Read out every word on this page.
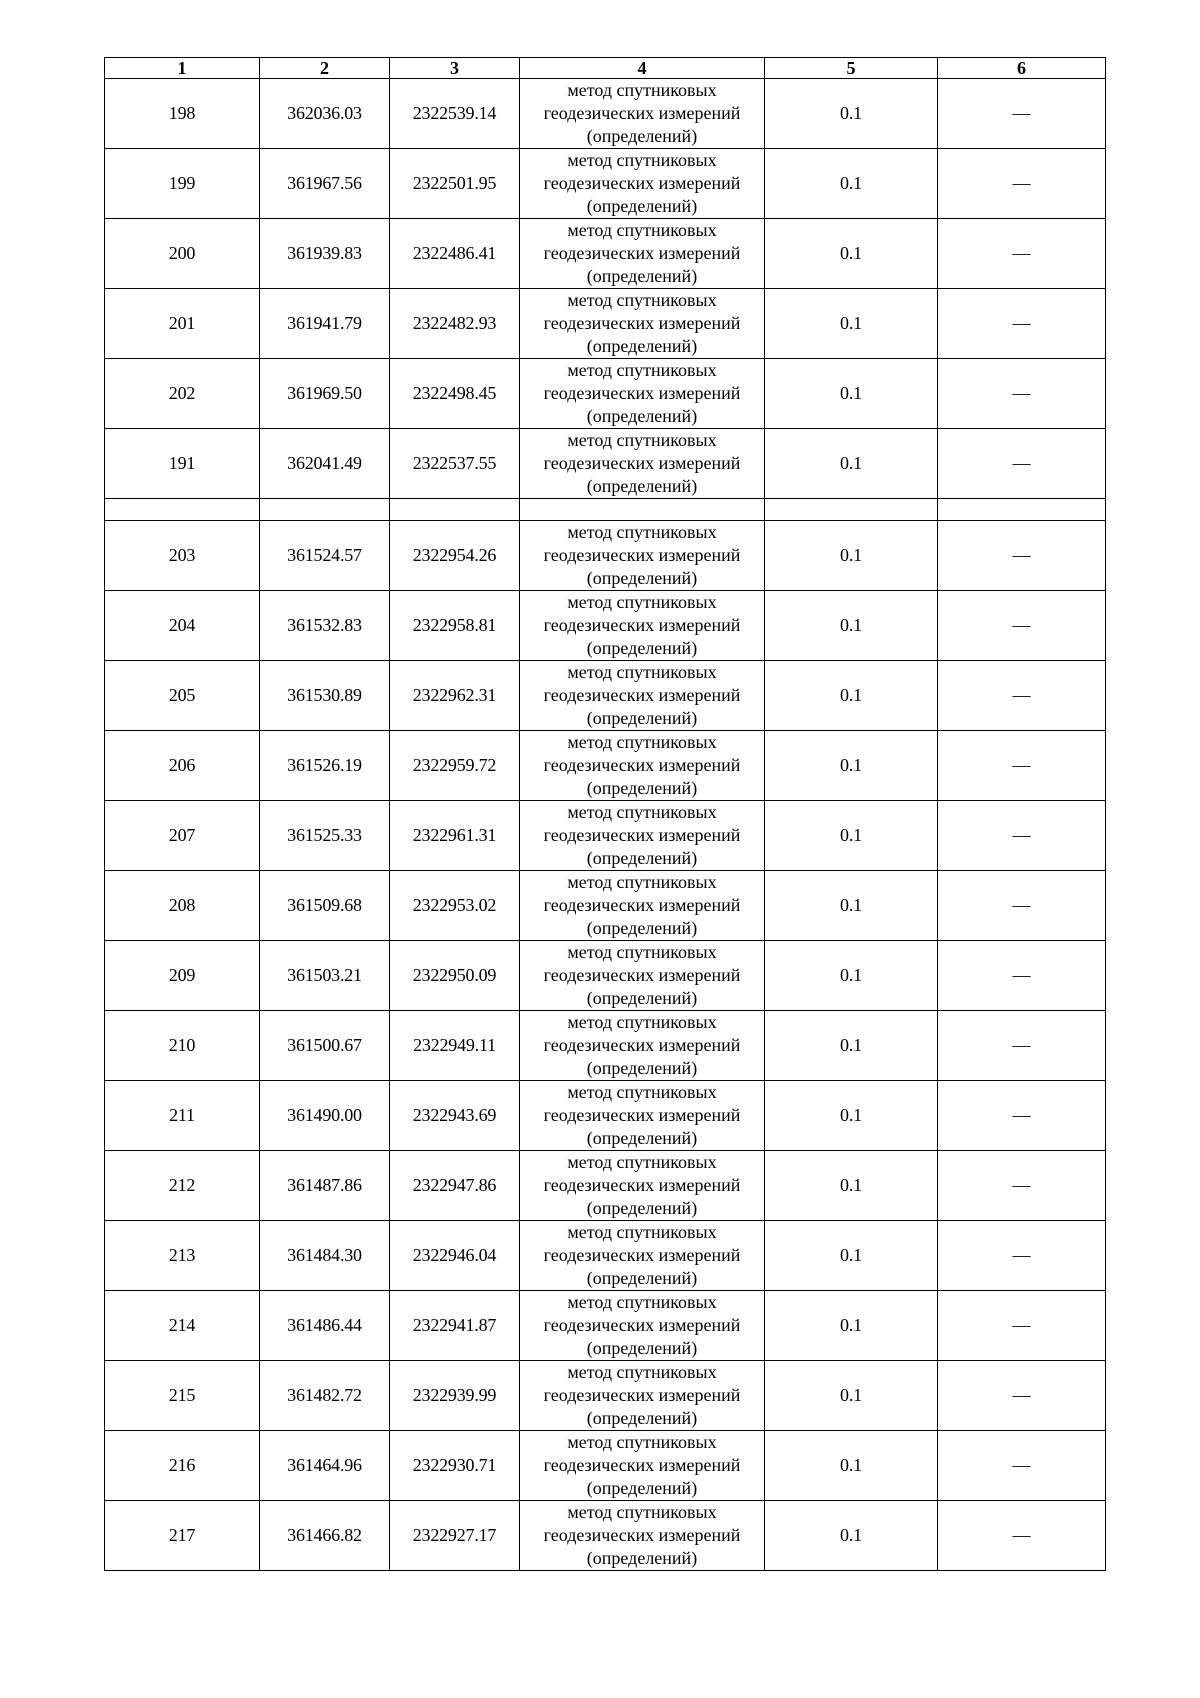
1	2	3	4	5	6
198	362036.03	2322539.14	метод спутниковых геодезических измерений (определений)	0.1	—
199	361967.56	2322501.95	метод спутниковых геодезических измерений (определений)	0.1	—
200	361939.83	2322486.41	метод спутниковых геодезических измерений (определений)	0.1	—
201	361941.79	2322482.93	метод спутниковых геодезических измерений (определений)	0.1	—
202	361969.50	2322498.45	метод спутниковых геодезических измерений (определений)	0.1	—
191	362041.49	2322537.55	метод спутниковых геодезических измерений (определений)	0.1	—

203	361524.57	2322954.26	метод спутниковых геодезических измерений (определений)	0.1	—
204	361532.83	2322958.81	метод спутниковых геодезических измерений (определений)	0.1	—
205	361530.89	2322962.31	метод спутниковых геодезических измерений (определений)	0.1	—
206	361526.19	2322959.72	метод спутниковых геодезических измерений (определений)	0.1	—
207	361525.33	2322961.31	метод спутниковых геодезических измерений (определений)	0.1	—
208	361509.68	2322953.02	метод спутниковых геодезических измерений (определений)	0.1	—
209	361503.21	2322950.09	метод спутниковых геодезических измерений (определений)	0.1	—
210	361500.67	2322949.11	метод спутниковых геодезических измерений (определений)	0.1	—
211	361490.00	2322943.69	метод спутниковых геодезических измерений (определений)	0.1	—
212	361487.86	2322947.86	метод спутниковых геодезических измерений (определений)	0.1	—
213	361484.30	2322946.04	метод спутниковых геодезических измерений (определений)	0.1	—
214	361486.44	2322941.87	метод спутниковых геодезических измерений (определений)	0.1	—
215	361482.72	2322939.99	метод спутниковых геодезических измерений (определений)	0.1	—
216	361464.96	2322930.71	метод спутниковых геодезических измерений (определений)	0.1	—
217	361466.82	2322927.17	метод спутниковых геодезических измерений (определений)	0.1	—
